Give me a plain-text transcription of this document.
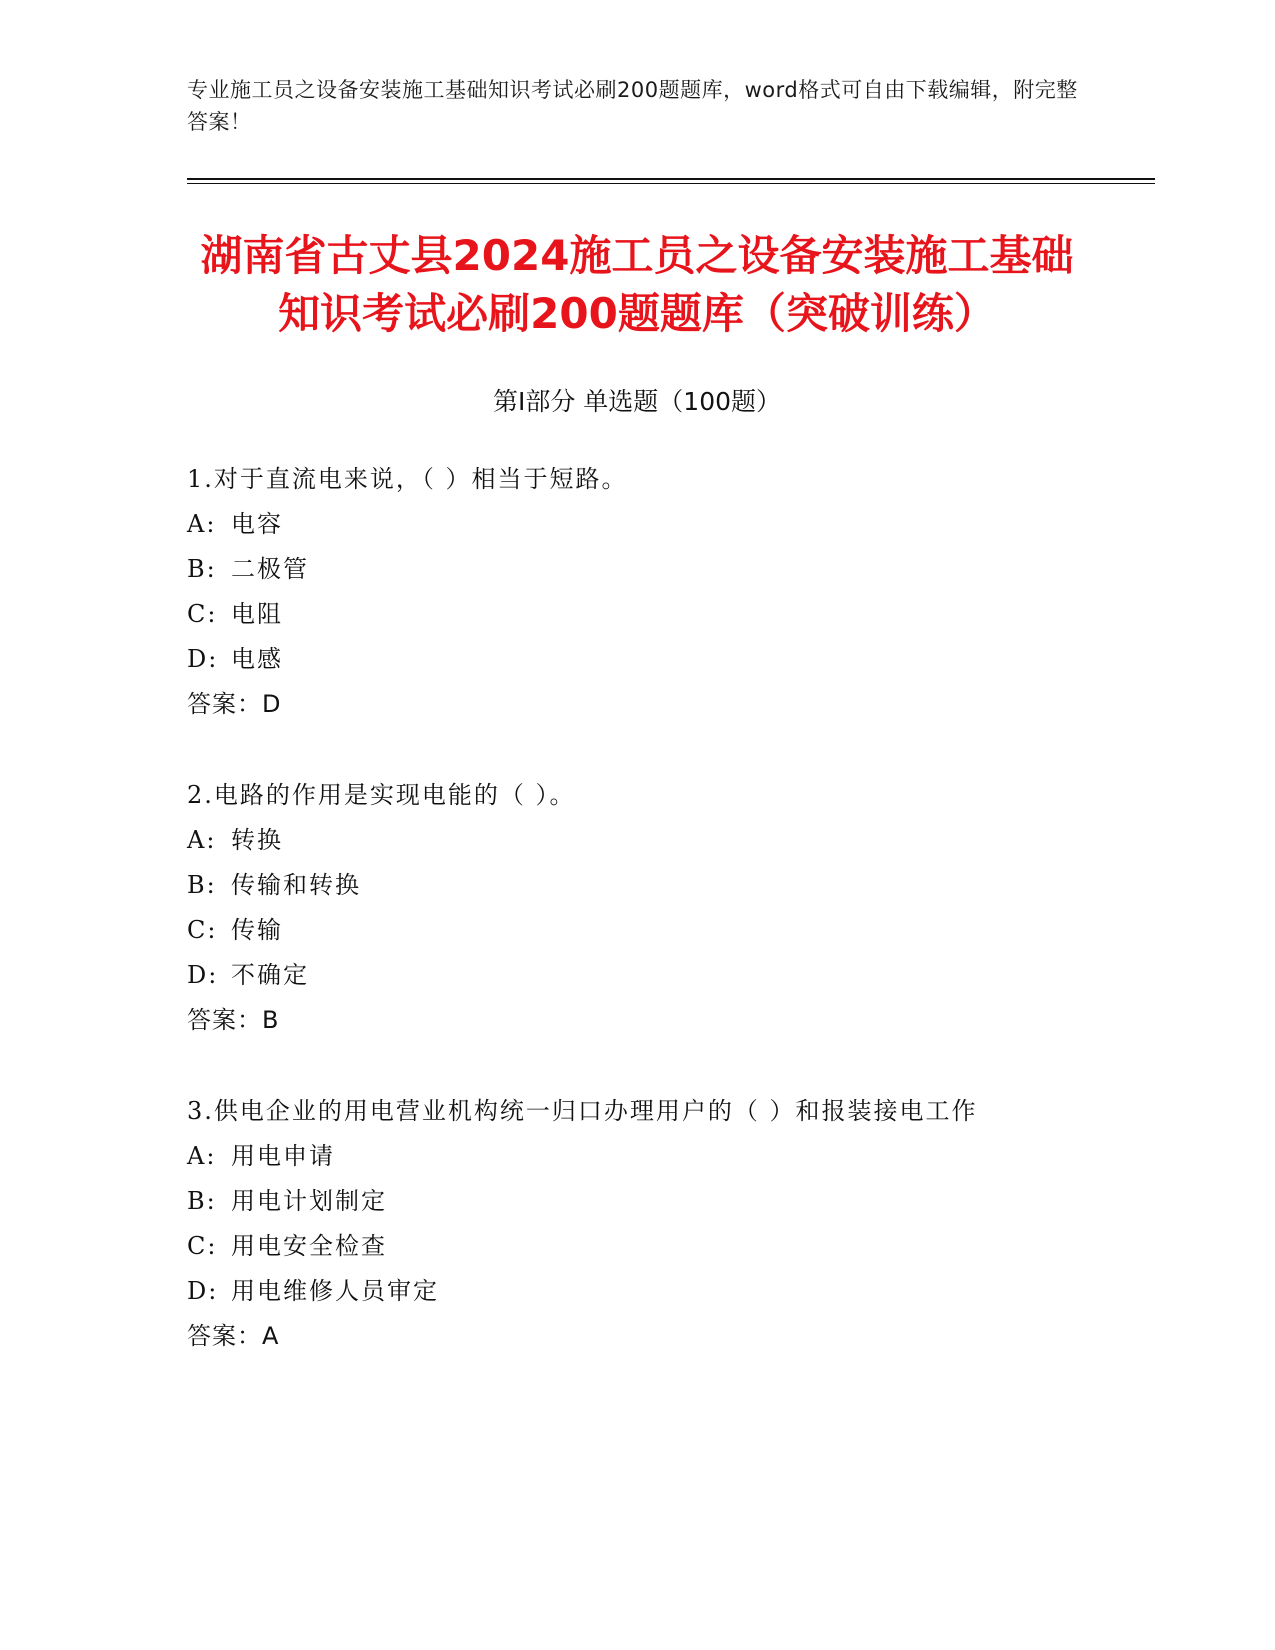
专业施工员之设备安装施工基础知识考试必刷200题题库，word格式可自由下载编辑，附完整答案！
湖南省古丈县2024施工员之设备安装施工基础知识考试必刷200题题库（突破训练）
第I部分 单选题（100题）
1.对于直流电来说，（ ）相当于短路。
A: 电容
B: 二极管
C: 电阻
D: 电感
答案：D
2.电路的作用是实现电能的（ ）。
A: 转换
B: 传输和转换
C: 传输
D: 不确定
答案：B
3.供电企业的用电营业机构统一归口办理用户的（ ）和报装接电工作
A: 用电申请
B: 用电计划制定
C: 用电安全检查
D: 用电维修人员审定
答案：A
